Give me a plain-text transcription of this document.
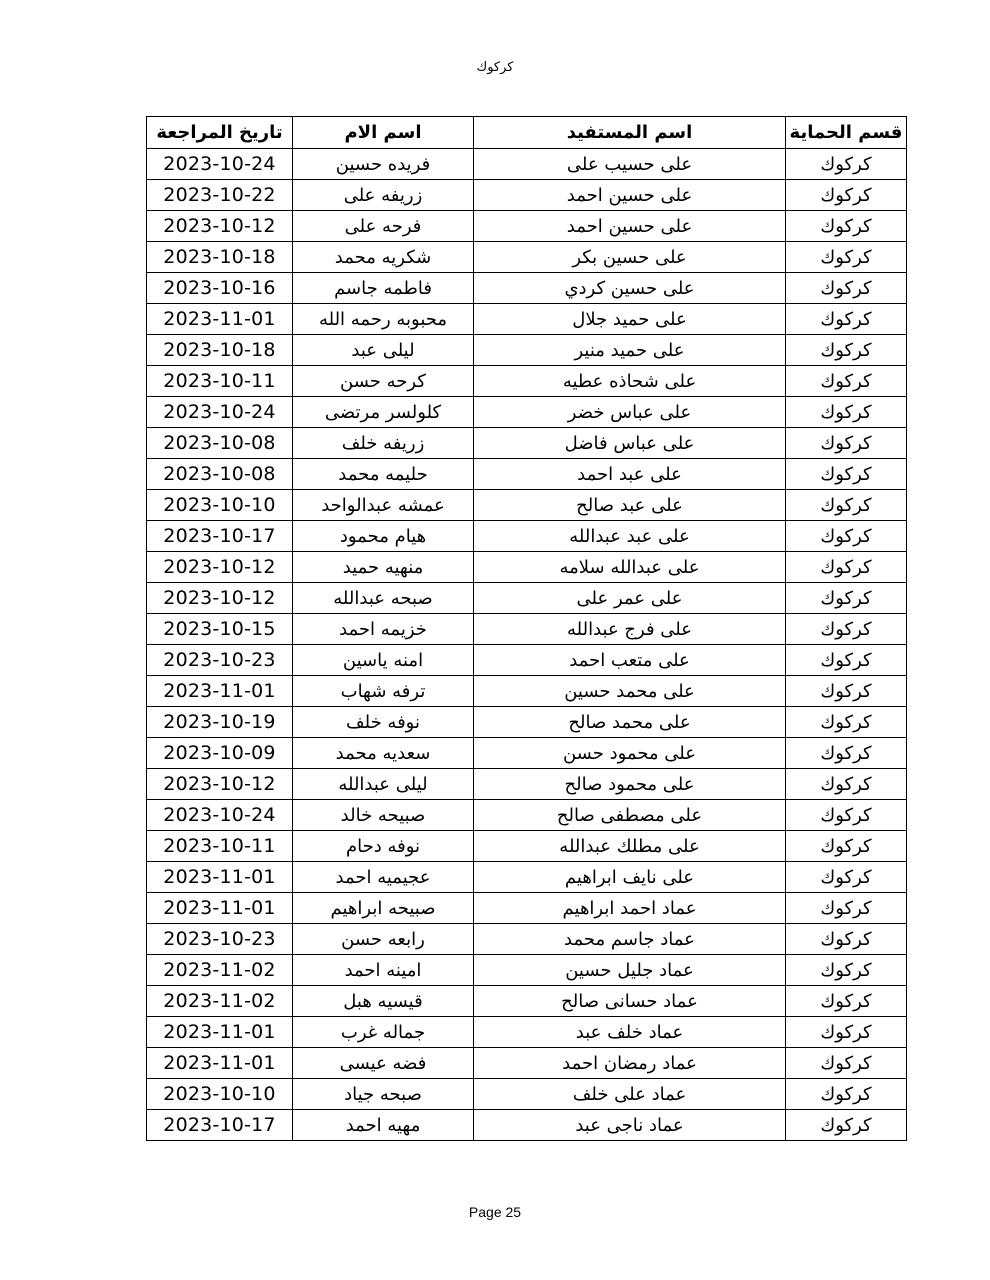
كركوك
قسم الحماية	اسم المستفيد	اسم الام	تاريخ المراجعة
كركوك	على حسيب على	فريده حسين	2023-10-24
كركوك	على حسين احمد	زريفه على	2023-10-22
كركوك	على حسين احمد	فرحه على	2023-10-12
كركوك	على حسين بكر	شكريه محمد	2023-10-18
كركوك	على حسين كردي	فاطمه جاسم	2023-10-16
كركوك	على حميد جلال	محبوبه رحمه الله	2023-11-01
كركوك	على حميد منير	ليلى عبد	2023-10-18
كركوك	على شحاذه عطيه	كرحه حسن	2023-10-11
كركوك	على عباس خضر	كلولسر مرتضى	2023-10-24
كركوك	على عباس فاضل	زريفه خلف	2023-10-08
كركوك	على عبد احمد	حليمه محمد	2023-10-08
كركوك	على عبد صالح	عمشه عبدالواحد	2023-10-10
كركوك	على عبد عبدالله	هيام محمود	2023-10-17
كركوك	على عبدالله سلامه	منهيه حميد	2023-10-12
كركوك	على عمر على	صبحه عبدالله	2023-10-12
كركوك	على فرج عبدالله	خزيمه احمد	2023-10-15
كركوك	على متعب احمد	امنه ياسين	2023-10-23
كركوك	على محمد حسين	ترفه شهاب	2023-11-01
كركوك	على محمد صالح	نوفه خلف	2023-10-19
كركوك	على محمود حسن	سعديه محمد	2023-10-09
كركوك	على محمود صالح	ليلى عبدالله	2023-10-12
كركوك	على مصطفى صالح	صبيحه خالد	2023-10-24
كركوك	على مطلك عبدالله	نوفه دحام	2023-10-11
كركوك	على نايف ابراهيم	عجيميه احمد	2023-11-01
كركوك	عماد احمد ابراهيم	صبيحه ابراهيم	2023-11-01
كركوك	عماد جاسم محمد	رابعه حسن	2023-10-23
كركوك	عماد جليل حسين	امينه احمد	2023-11-02
كركوك	عماد حسانى صالح	قيسيه هبل	2023-11-02
كركوك	عماد خلف عبد	جماله غرب	2023-11-01
كركوك	عماد رمضان احمد	فضه عيسى	2023-11-01
كركوك	عماد على خلف	صبحه جياد	2023-10-10
كركوك	عماد ناجى عبد	مهيه احمد	2023-10-17
Page 25
